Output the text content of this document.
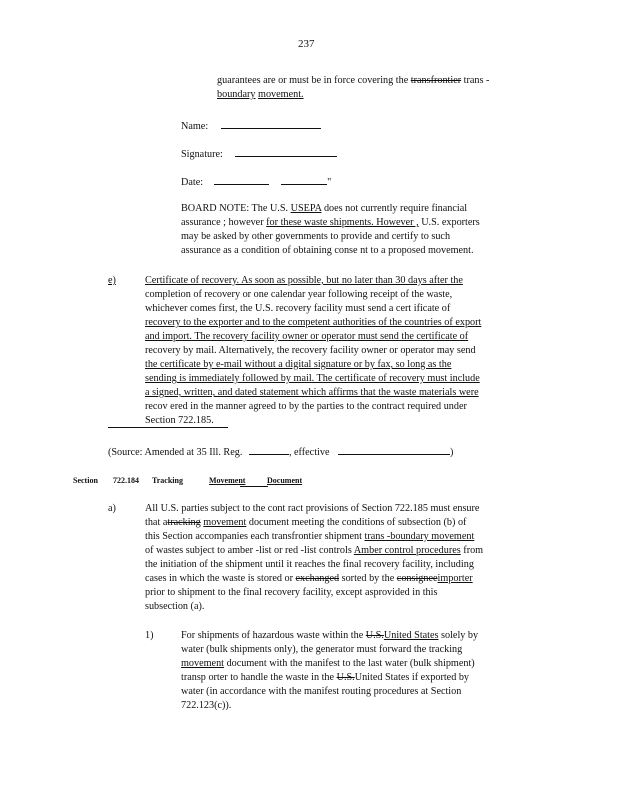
237
guarantees are or must be in force covering the transfrontier trans -
boundary movement.
Name:
Signature:
Date:	"
BOARD NOTE: The U.S. USEPA does not currently require financial
assurance ; however for these waste shipments. However , U.S. exporters
may be asked by other governments to provide and certify to such
assurance as a condition of obtaining conse nt to a proposed movement.
e)	Certificate of recovery. As soon as possible, but no later than 30 days after the
completion of recovery or one calendar year following receipt of the waste,
whichever comes first, the U.S. recovery facility must send a cert ificate of
recovery to the exporter and to the competent authorities of the countries of export
and import. The recovery facility owner or operator must send the certificate of
recovery by mail. Alternatively, the recovery facility owner or operator may send
the certificate by e-mail without a digital signature or by fax, so long as the
sending is immediately followed by mail. The certificate of recovery must include
a signed, written, and dated statement which affirms that the waste materials were
recov ered in the manner agreed to by the parties to the contract required under
Section 722.185.
(Source: Amended at 35 Ill. Reg.	, effective	)
Section 722.184 Tracking	Movement	Document
a)	All U.S. parties subject to the cont ract provisions of Section 722.185 must ensure
that atracking movement document meeting the conditions of subsection (b) of
this Section accompanies each transfrontier shipment trans -boundary movement
of wastes subject to amber -list or red -list controls Amber control procedures from
the initiation of the shipment until it reaches the final recovery facility, including
cases in which the waste is stored or exchanged sorted by the consigneeimporter
prior to shipment to the final recovery facility, except asprovided in this
subsection (a).
1)	For shipments of hazardous waste within the U.S.United States solely by
water (bulk shipments only), the generator must forward the tracking
movement document with the manifest to the last water (bulk shipment)
transp orter to handle the waste in the U.S.United States if exported by
water (in accordance with the manifest routing procedures at Section
722.123(c)).
